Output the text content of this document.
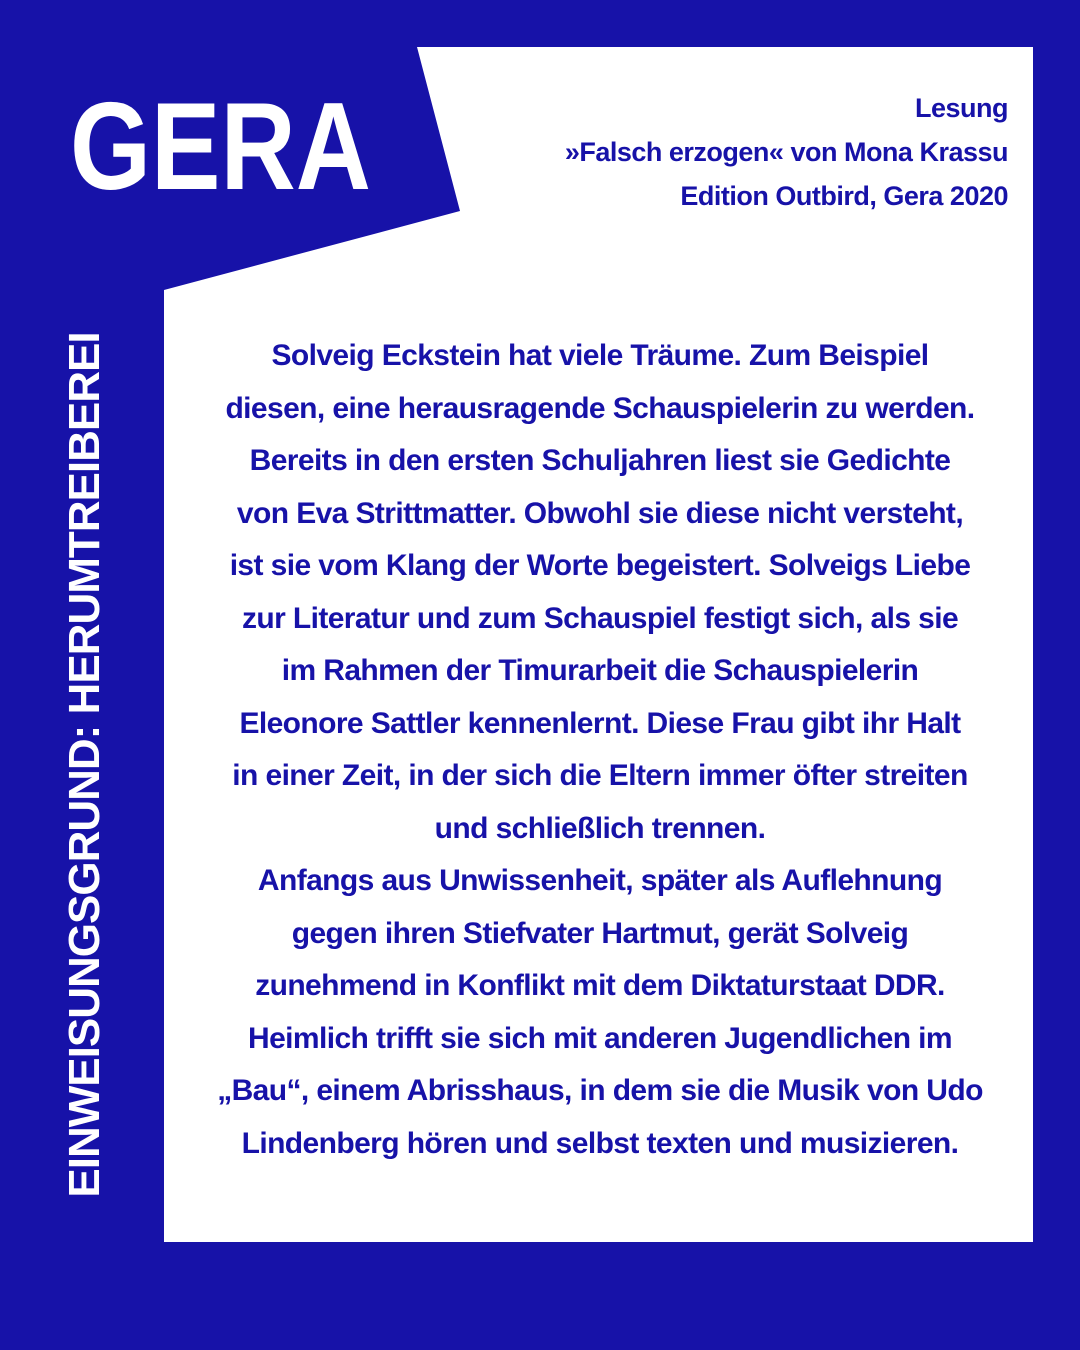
GERA
EINWEISUNGSGRUND: HERUMTREIBEREI
Lesung
»Falsch erzogen« von Mona Krassu
Edition Outbird, Gera 2020
Solveig Eckstein hat viele Träume. Zum Beispiel
diesen, eine herausragende Schauspielerin zu werden.
Bereits in den ersten Schuljahren liest sie Gedichte
von Eva Strittmatter. Obwohl sie diese nicht versteht,
ist sie vom Klang der Worte begeistert. Solveigs Liebe
zur Literatur und zum Schauspiel festigt sich, als sie
im Rahmen der Timurarbeit die Schauspielerin
Eleonore Sattler kennenlernt. Diese Frau gibt ihr Halt
in einer Zeit, in der sich die Eltern immer öfter streiten
und schließlich trennen.
Anfangs aus Unwissenheit, später als Auflehnung
gegen ihren Stiefvater Hartmut, gerät Solveig
zunehmend in Konflikt mit dem Diktaturstaat DDR.
Heimlich trifft sie sich mit anderen Jugendlichen im
„Bau“, einem Abrisshaus, in dem sie die Musik von Udo
Lindenberg hören und selbst texten und musizieren.
